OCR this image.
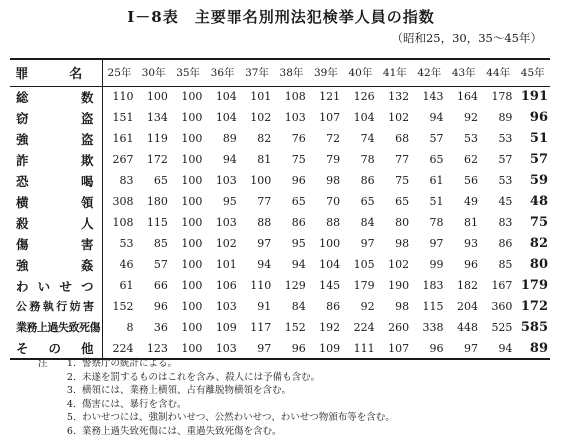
Ⅰ－8表　主要罪名別刑法犯検挙人員の指数
（昭和25，30，35～45年）
罪　名	25年	30年	35年	36年	37年	38年	39年	40年	41年	42年	43年	44年	45年
総　数	110	100	100	104	101	108	121	126	132	143	164	178	191
窃　盗	151	134	100	104	102	103	107	104	102	94	92	89	96
強　盗	161	119	100	89	82	76	72	74	68	57	53	53	51
詐　欺	267	172	100	94	81	75	79	78	77	65	62	57	57
恐　喝	83	65	100	103	100	96	98	86	75	61	56	53	59
横　領	308	180	100	95	77	65	70	65	65	51	49	45	48
殺　人	108	115	100	103	88	86	88	84	80	78	81	83	75
傷　害	53	85	100	102	97	95	100	97	98	97	93	86	82
強　姦	46	57	100	101	94	94	104	105	102	99	96	85	80
わいせつ	61	66	100	106	110	129	145	179	190	183	182	167	179
公務執行妨害	152	96	100	103	91	84	86	92	98	115	204	360	172
業務上過失致死傷	8	36	100	109	117	152	192	224	260	338	448	525	585
そ　の　他	224	123	100	103	97	96	109	111	107	96	97	94	89
注	1. 警察庁の統計による。
2. 未遂を罰するものはこれを含み、殺人には予備も含む。
3. 横領には、業務上横領、占有離脱物横領を含む。
4. 傷害には、暴行を含む。
5. わいせつには、強制わいせつ、公然わいせつ、わいせつ物頒布等を含む。
6. 業務上過失致死傷には、重過失致死傷を含む。
